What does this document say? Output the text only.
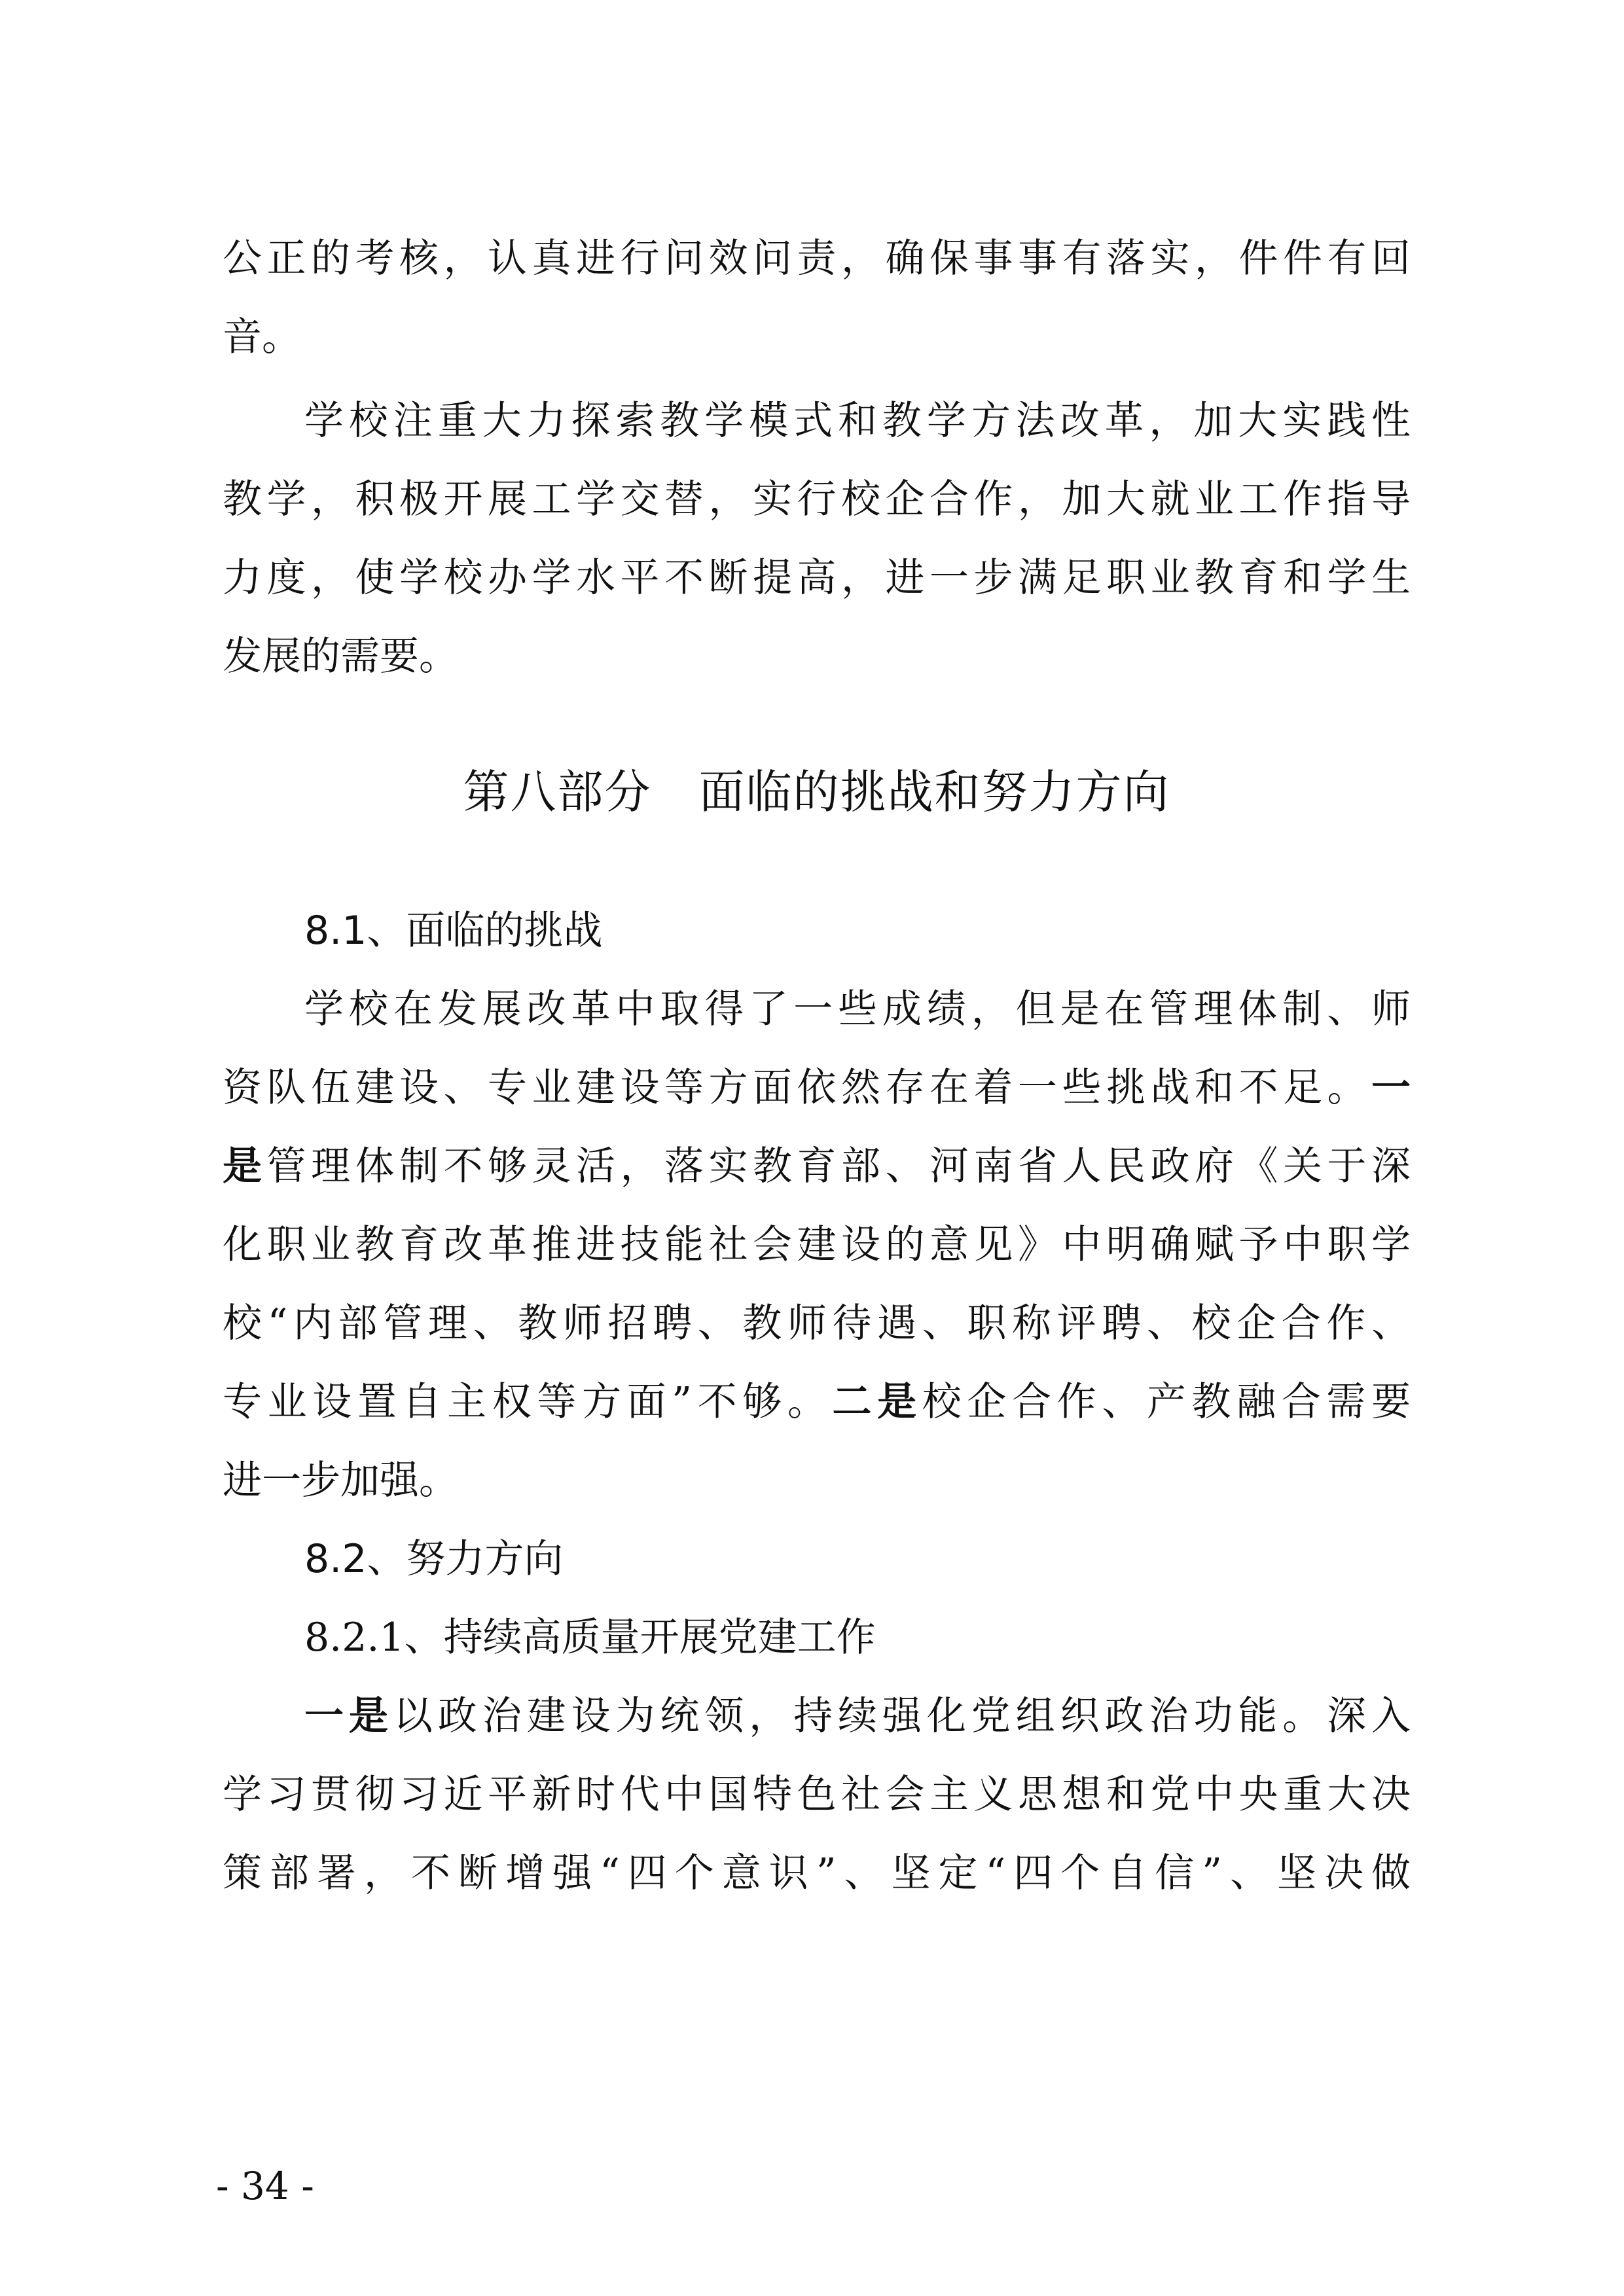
公正的考核，认真进行问效问责，确保事事有落实，件件有回
音。
学校注重大力探索教学模式和教学方法改革，加大实践性
教学，积极开展工学交替，实行校企合作，加大就业工作指导
力度，使学校办学水平不断提高，进一步满足职业教育和学生
发展的需要。
第八部分　面临的挑战和努力方向
8.1、面临的挑战
学校在发展改革中取得了一些成绩，但是在管理体制、师
资队伍建设、专业建设等方面依然存在着一些挑战和不足。一
是管理体制不够灵活，落实教育部、河南省人民政府《关于深
化职业教育改革推进技能社会建设的意见》中明确赋予中职学
校“内部管理、教师招聘、教师待遇、职称评聘、校企合作、
专业设置自主权等方面”不够。二是校企合作、产教融合需要
进一步加强。
8.2、努力方向
8.2.1、持续高质量开展党建工作
一是以政治建设为统领，持续强化党组织政治功能。深入
学习贯彻习近平新时代中国特色社会主义思想和党中央重大决
策部署，不断增强“四个意识”、坚定“四个自信”、坚决做
- 34 -
